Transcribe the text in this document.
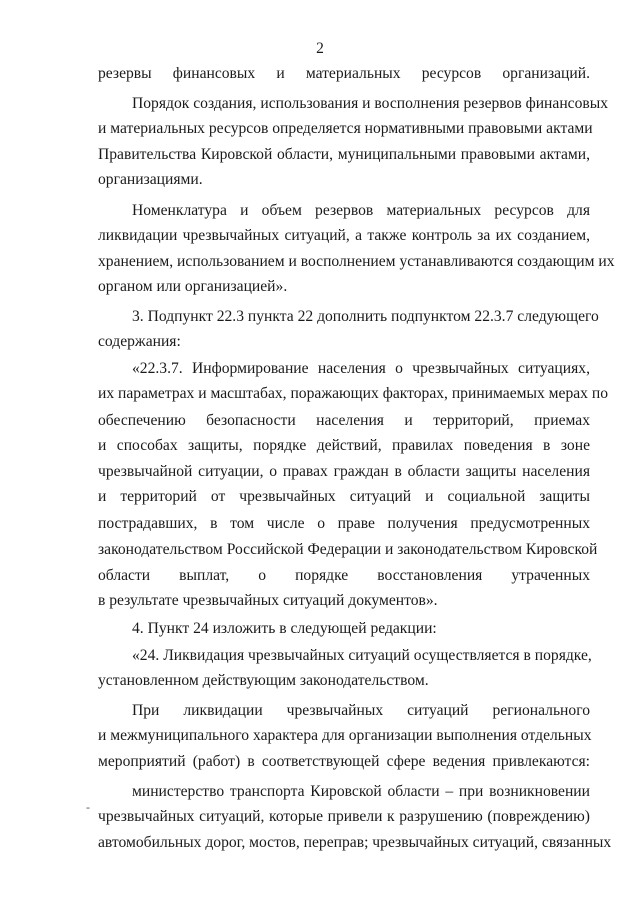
2
резервы финансовых и материальных ресурсов организаций.
Порядок создания, использования и восполнения резервов финансовых
и материальных ресурсов определяется нормативными правовыми актами
Правительства Кировской области, муниципальными правовыми актами,
организациями.
Номенклатура и объем резервов материальных ресурсов для
ликвидации чрезвычайных ситуаций, а также контроль за их созданием,
хранением, использованием и восполнением устанавливаются создающим их
органом или организацией».
3. Подпункт 22.3 пункта 22 дополнить подпунктом 22.3.7 следующего
содержания:
«22.3.7. Информирование населения о чрезвычайных ситуациях,
их параметрах и масштабах, поражающих факторах, принимаемых мерах по
обеспечению безопасности населения и территорий, приемах
и способах защиты, порядке действий, правилах поведения в зоне
чрезвычайной ситуации, о правах граждан в области защиты населения
и территорий от чрезвычайных ситуаций и социальной защиты
пострадавших, в том числе о праве получения предусмотренных
законодательством Российской Федерации и законодательством Кировской
области выплат, о порядке восстановления утраченных
в результате чрезвычайных ситуаций документов».
4. Пункт 24 изложить в следующей редакции:
«24. Ликвидация чрезвычайных ситуаций осуществляется в порядке,
установленном действующим законодательством.
При ликвидации чрезвычайных ситуаций регионального
и межмуниципального характера для организации выполнения отдельных
мероприятий (работ) в соответствующей сфере ведения привлекаются:
министерство транспорта Кировской области – при возникновении
чрезвычайных ситуаций, которые привели к разрушению (повреждению)
автомобильных дорог, мостов, переправ; чрезвычайных ситуаций, связанных
-
